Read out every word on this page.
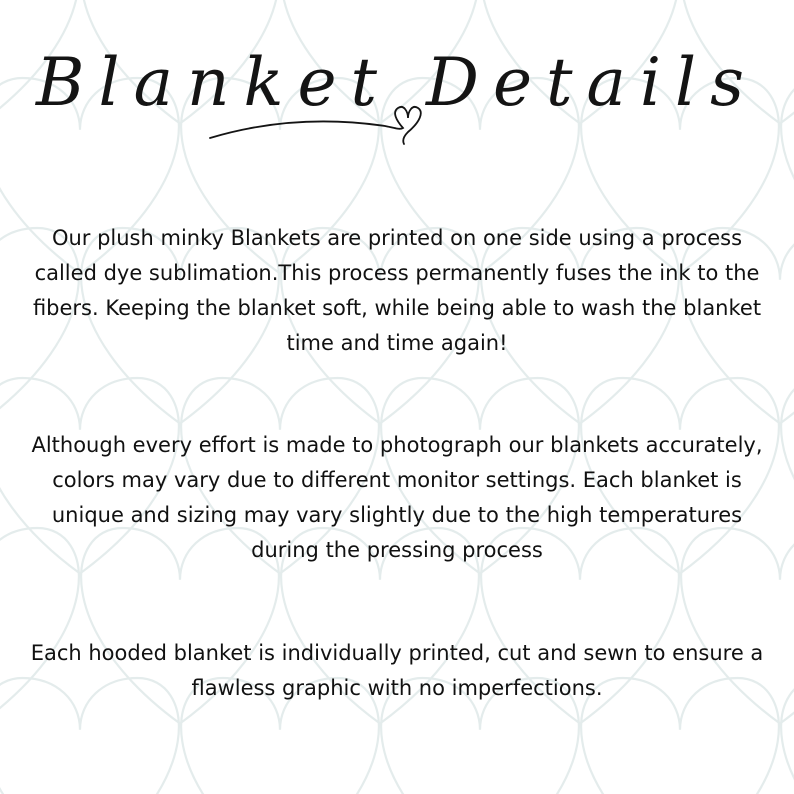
Blanket Details
Our plush minky Blankets are printed on one side using a process called dye sublimation.This process permanently fuses the ink to the fibers. Keeping the blanket soft, while being able to wash the blanket time and time again!
Although every effort is made to photograph our blankets accurately, colors may vary due to different monitor settings. Each blanket is unique and sizing may vary slightly due to the high temperatures during the pressing process
Each hooded blanket is individually printed, cut and sewn to ensure a flawless graphic with no imperfections.
